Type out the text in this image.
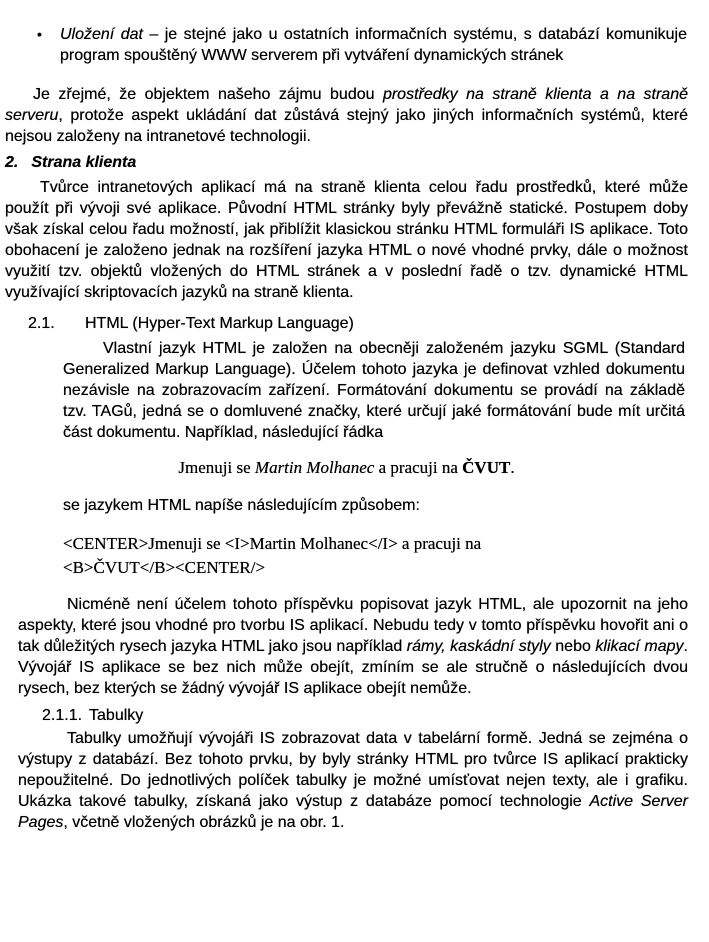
• Uložení dat – je stejné jako u ostatních informačních systému, s databází komunikuje program spouštěný WWW serverem při vytváření dynamických stránek

Je zřejmé, že objektem našeho zájmu budou prostředky na straně klienta a na straně serveru, protože aspekt ukládání dat zůstává stejný jako jiných informačních systémů, které nejsou založeny na intranetové technologii.

2. Strana klienta

Tvůrce intranetových aplikací má na straně klienta celou řadu prostředků, které může použít při vývoji své aplikace. Původní HTML stránky byly převážně statické. Postupem doby však získal celou řadu možností, jak přiblížit klasickou stránku HTML formuláři IS aplikace. Toto obohacení je založeno jednak na rozšíření jazyka HTML o nové vhodné prvky, dále o možnost využití tzv. objektů vložených do HTML stránek a v poslední řadě o tzv. dynamické HTML využívající skriptovacích jazyků na straně klienta.

2.1. HTML (Hyper-Text Markup Language)

Vlastní jazyk HTML je založen na obecněji založeném jazyku SGML (Standard Generalized Markup Language). Účelem tohoto jazyka je definovat vzhled dokumentu nezávisle na zobrazovacím zařízení. Formátování dokumentu se provádí na základě tzv. TAGů, jedná se o domluvené značky, které určují jaké formátování bude mít určitá část dokumentu. Například, následující řádka

Jmenuji se Martin Molhanec a pracuji na ČVUT.

se jazykem HTML napíše následujícím způsobem:

<CENTER>Jmenuji se <I>Martin Molhanec</I> a pracuji na
<B>ČVUT</B><CENTER/>

Nicméně není účelem tohoto příspěvku popisovat jazyk HTML, ale upozornit na jeho aspekty, které jsou vhodné pro tvorbu IS aplikací. Nebudu tedy v tomto příspěvku hovořit ani o tak důležitých rysech jazyka HTML jako jsou například rámy, kaskádní styly nebo klikací mapy. Vývojář IS aplikace se bez nich může obejít, zmíním se ale stručně o následujících dvou rysech, bez kterých se žádný vývojář IS aplikace obejít nemůže.

2.1.1. Tabulky

Tabulky umožňují vývojáři IS zobrazovat data v tabelární formě. Jedná se zejména o výstupy z databází. Bez tohoto prvku, by byly stránky HTML pro tvůrce IS aplikací prakticky nepoužitelné. Do jednotlivých políček tabulky je možné umísťovat nejen texty, ale i grafiku. Ukázka takové tabulky, získaná jako výstup z databáze pomocí technologie Active Server Pages, včetně vložených obrázků je na obr. 1.
